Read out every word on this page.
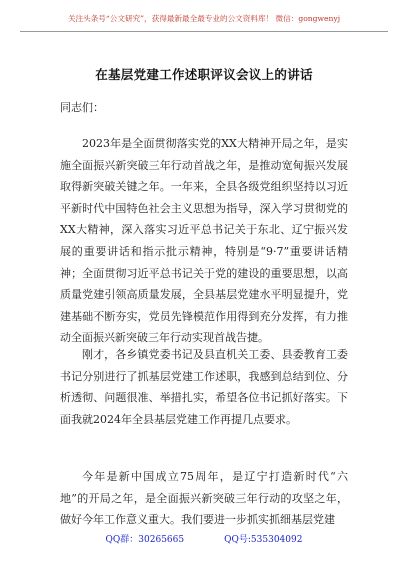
关注头条号“公文研究”，获得最新最全最专业的公文资料库！ 微信：gongwenyj
在基层党建工作述职评议会议上的讲话
同志们：

2023年是全面贯彻落实党的XX大精神开局之年，是实施全面振兴新突破三年行动首战之年，是推动宽甸振兴发展取得新突破关键之年。一年来，全县各级党组织坚持以习近平新时代中国特色社会主义思想为指导，深入学习贯彻党的XX大精神，深入落实习近平总书记关于东北、辽宁振兴发展的重要讲话和指示批示精神，特别是“9·7”重要讲话精神；全面贯彻习近平总书记关于党的建设的重要思想，以高质量党建引领高质量发展，全县基层党建水平明显提升，党建基础不断夯实，党员先锋模范作用得到充分发挥，有力推动全面振兴新突破三年行动实现首战告捷。

刚才，各乡镇党委书记及县直机关工委、县委教育工委书记分别进行了抓基层党建工作述职，我感到总结到位、分析透彻、问题很准、举措扎实，希望各位书记抓好落实。下面我就2024年全县基层党建工作再提几点要求。

今年是新中国成立75周年，是辽宁打造新时代“六地”的开局之年，是全面振兴新突破三年行动的攻坚之年，做好今年工作意义重大。我们要进一步抓实抓细基层党建

QQ群：30265665	QQ号:535304092
